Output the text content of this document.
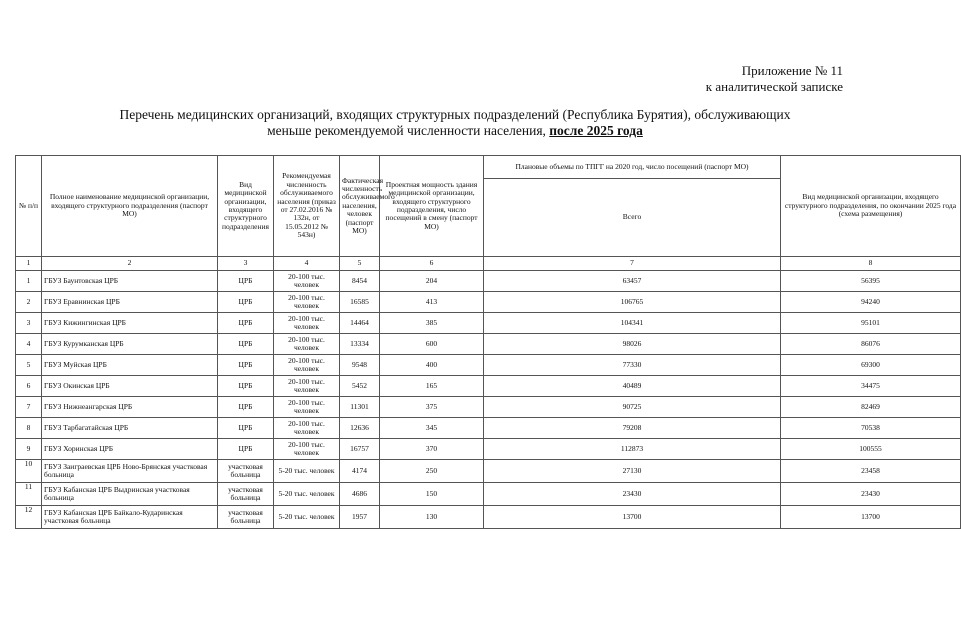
Приложение № 11
к аналитической записке
Перечень медицинских организаций, входящих структурных подразделений (Республика Бурятия), обслуживающих
меньше рекомендуемой численности населения, после 2025 года
№ п/п	Полное наименование медицинской организации, входящего структурного подразделения (паспорт МО)	Вид медицинской организации, входящего структурного подразделения	Рекомендуемая численность обслуживаемого населения (приказ от 27.02.2016 № 132н, от 15.05.2012 № 543н)	Фактическая численность обслуживаемого населения, человек (паспорт МО)	Проектная мощность здания медицинской организации, входящего структурного подразделения, число посещений в смену (паспорт МО)	Плановые объемы по ТПГГ на 2020 год, число посещений (паспорт МО)	Вид медицинской организации, входящего структурного подразделения, по окончании 2025 года (схема размещения)
						Всего	
1	2	3	4	5	6	7	8
1	ГБУЗ Баунтовская ЦРБ	ЦРБ	20-100 тыс. человек	8454	204	63457	56395
2	ГБУЗ Еравнинская ЦРБ	ЦРБ	20-100 тыс. человек	16585	413	106765	94240
3	ГБУЗ Кижингинская ЦРБ	ЦРБ	20-100 тыс. человек	14464	385	104341	95101
4	ГБУЗ Курумканская ЦРБ	ЦРБ	20-100 тыс. человек	13334	600	98026	86076
5	ГБУЗ Муйская ЦРБ	ЦРБ	20-100 тыс. человек	9548	400	77330	69300
6	ГБУЗ Окинская ЦРБ	ЦРБ	20-100 тыс. человек	5452	165	40489	34475
7	ГБУЗ Нижнеангарская ЦРБ	ЦРБ	20-100 тыс. человек	11301	375	90725	82469
8	ГБУЗ Тарбагатайская ЦРБ	ЦРБ	20-100 тыс. человек	12636	345	79208	70538
9	ГБУЗ Хоринская ЦРБ	ЦРБ	20-100 тыс. человек	16757	370	112873	100555
10	ГБУЗ Заиграевская ЦРБ Ново-Брянская участковая больница	участковая больница	5-20 тыс. человек	4174	250	27130	23458
11	ГБУЗ Кабанская ЦРБ Выдринская участковая больница	участковая больница	5-20 тыс. человек	4686	150	23430	23430
12	ГБУЗ Кабанская ЦРБ Байкало-Кударинская участковая больница	участковая больница	5-20 тыс. человек	1957	130	13700	13700
